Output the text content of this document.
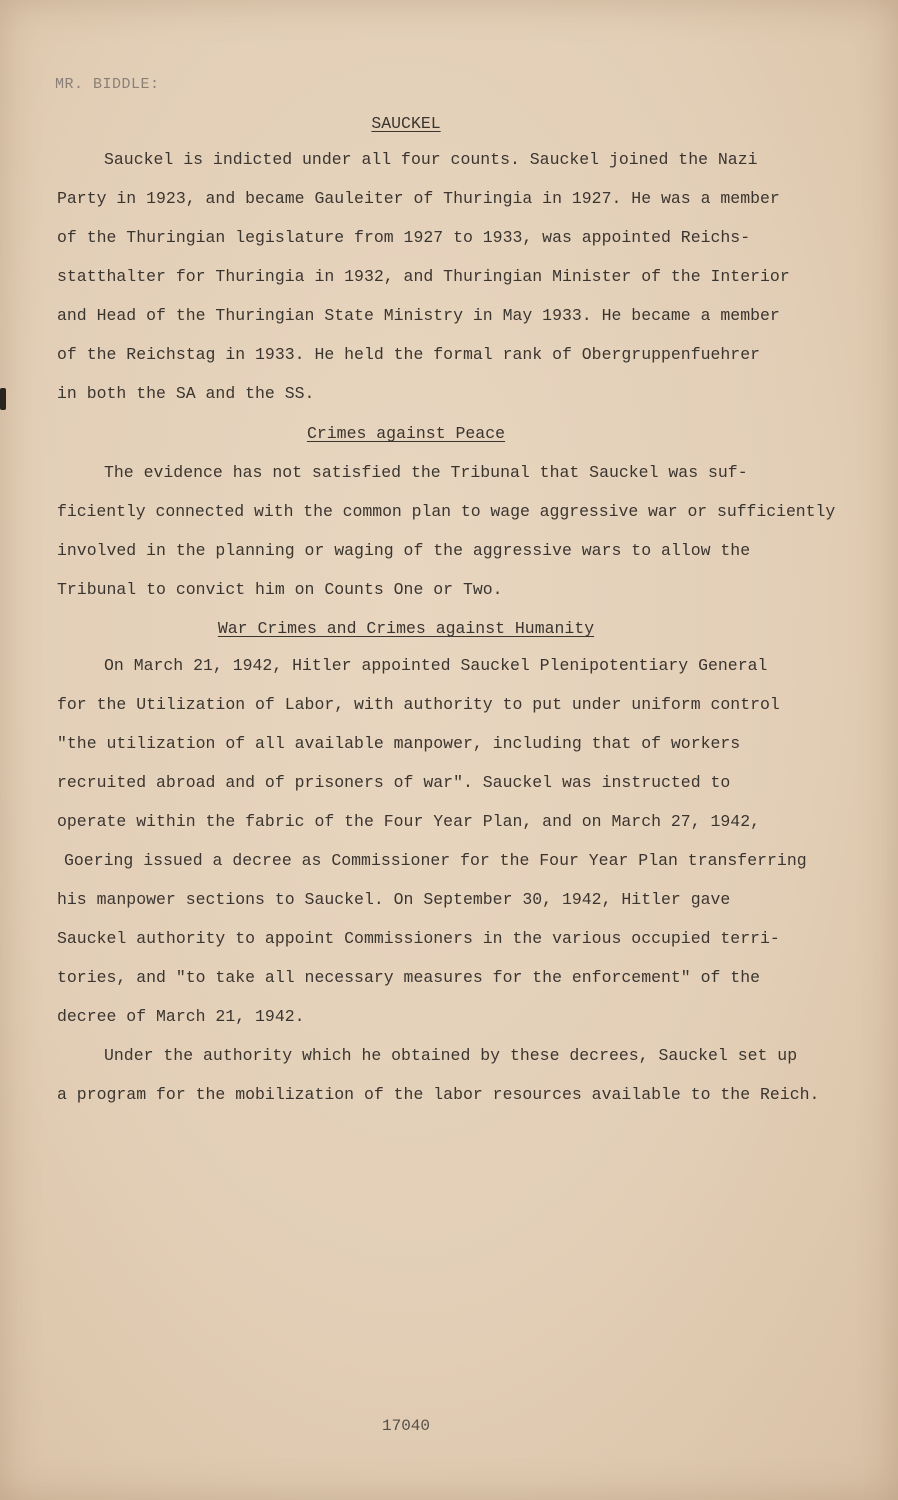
MR. BIDDLE:
SAUCKEL
Sauckel is indicted under all four counts. Sauckel joined the Nazi
Party in 1923, and became Gauleiter of Thuringia in 1927. He was a member
of the Thuringian legislature from 1927 to 1933, was appointed Reichs-
statthalter for Thuringia in 1932, and Thuringian Minister of the Interior
and Head of the Thuringian State Ministry in May 1933. He became a member
of the Reichstag in 1933. He held the formal rank of Obergruppenfuehrer
in both the SA and the SS.
Crimes against Peace
The evidence has not satisfied the Tribunal that Sauckel was suf-
ficiently connected with the common plan to wage aggressive war or sufficiently
involved in the planning or waging of the aggressive wars to allow the
Tribunal to convict him on Counts One or Two.
War Crimes and Crimes against Humanity
On March 21, 1942, Hitler appointed Sauckel Plenipotentiary General
for the Utilization of Labor, with authority to put under uniform control
"the utilization of all available manpower, including that of workers
recruited abroad and of prisoners of war". Sauckel was instructed to
operate within the fabric of the Four Year Plan, and on March 27, 1942,
Goering issued a decree as Commissioner for the Four Year Plan transferring
his manpower sections to Sauckel. On September 30, 1942, Hitler gave
Sauckel authority to appoint Commissioners in the various occupied terri-
tories, and "to take all necessary measures for the enforcement" of the
decree of March 21, 1942.
Under the authority which he obtained by these decrees, Sauckel set up
a program for the mobilization of the labor resources available to the Reich.
17040
